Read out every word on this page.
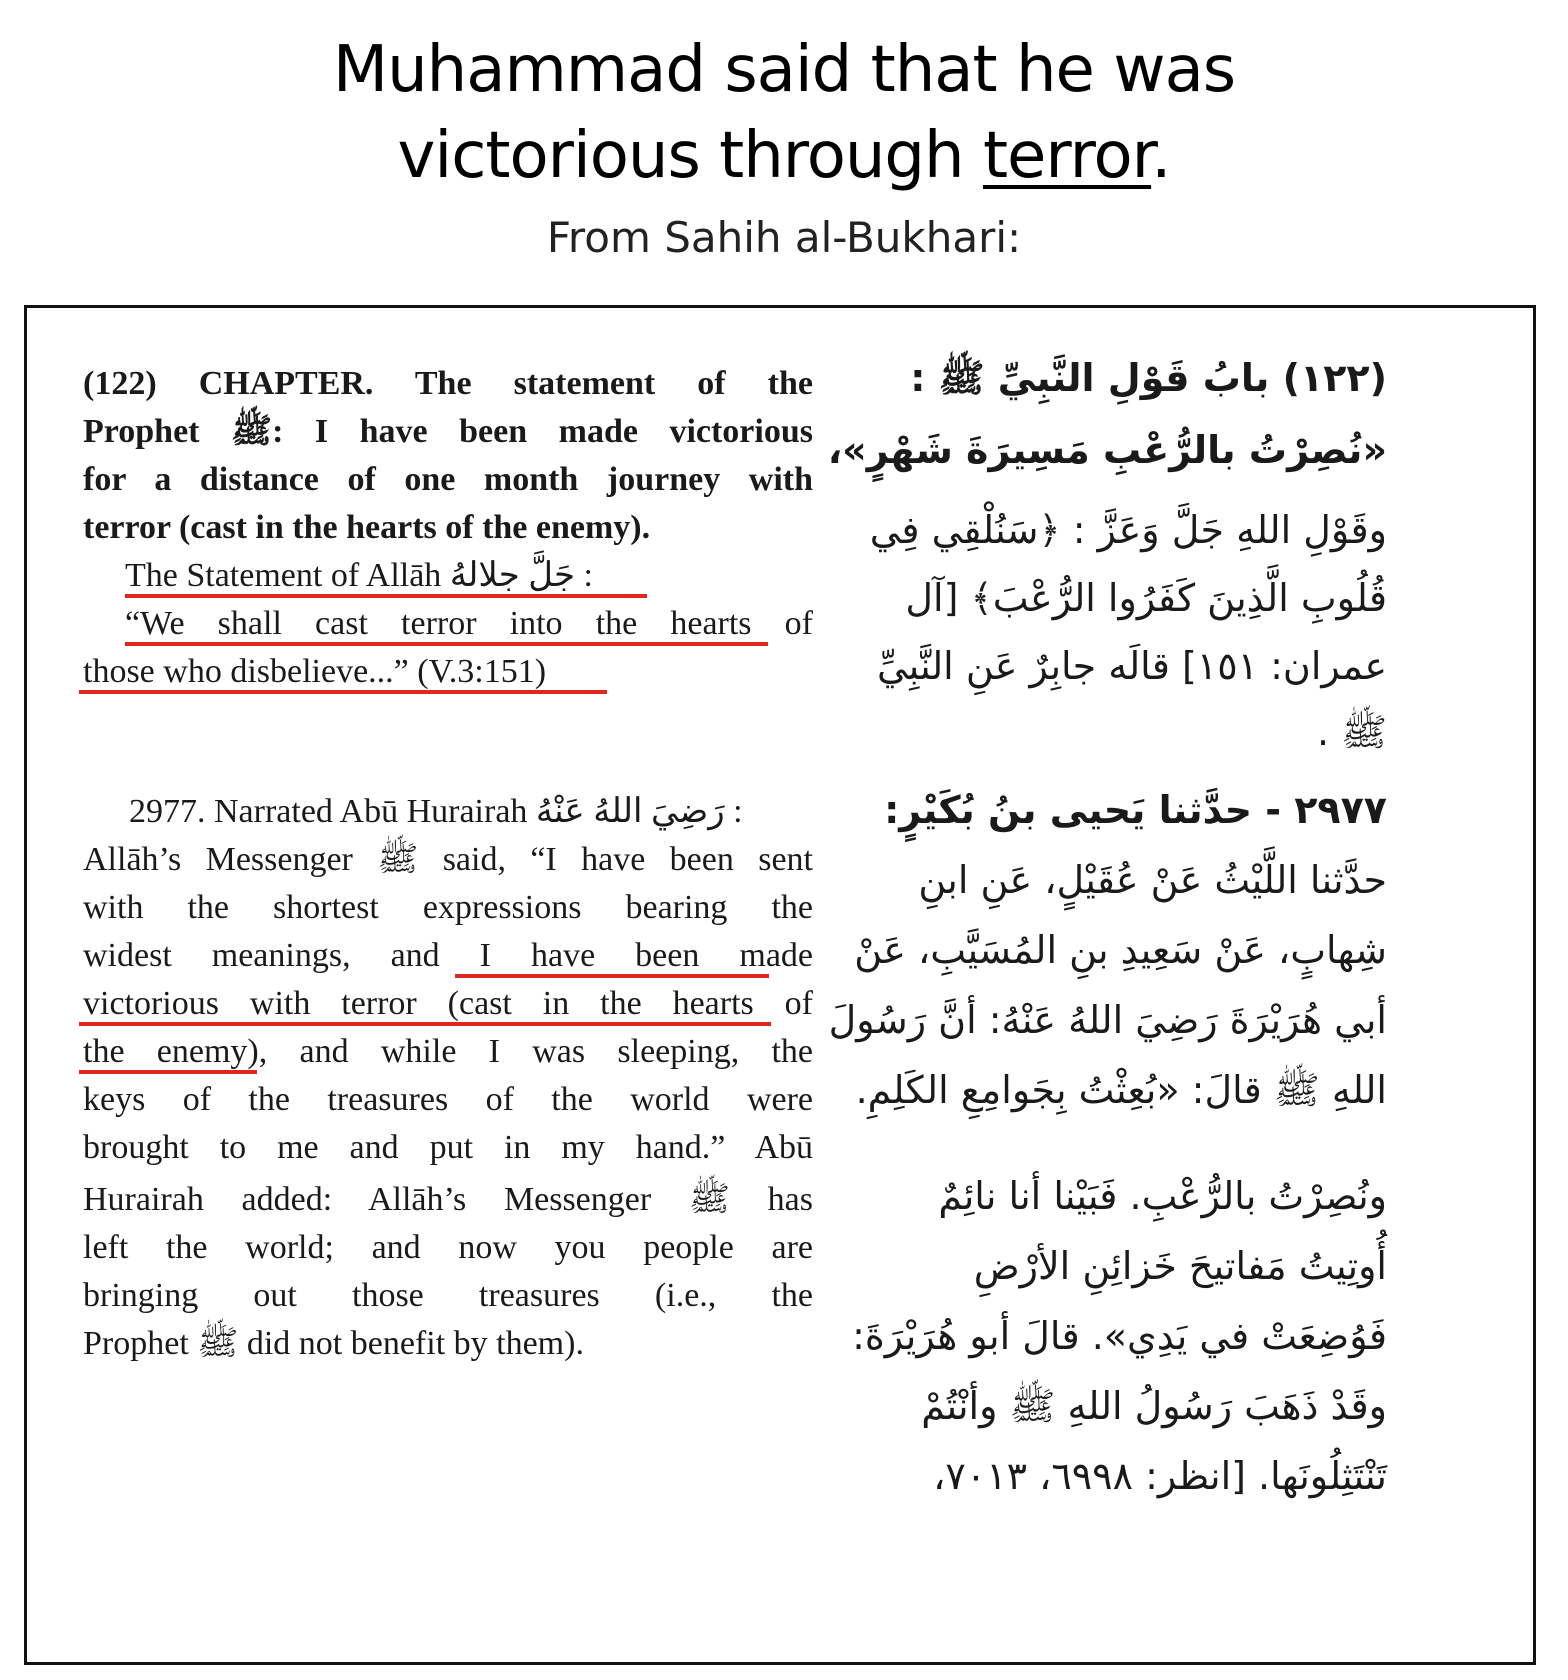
Muhammad said that he was
victorious through terror.
From Sahih al-Bukhari:
(122) CHAPTER. The statement of the
Prophet ﷺ: I have been made victorious
for a distance of one month journey with
terror (cast in the hearts of the enemy).
The Statement of Allāh جَلَّ جلالهُ :
“We shall cast terror into the hearts of
those who disbelieve...” (V.3:151)
2977. Narrated Abū Hurairah رَضِيَ اللهُ عَنْهُ :
Allāh’s Messenger ﷺ said, “I have been sent
with the shortest expressions bearing the
widest meanings, and I have been made
victorious with terror (cast in the hearts of
the enemy), and while I was sleeping, the
keys of the treasures of the world were
brought to me and put in my hand.” Abū
Hurairah added: Allāh’s Messenger ﷺ has
left the world; and now you people are
bringing out those treasures (i.e., the
Prophet ﷺ did not benefit by them).
(١٢٢) بابُ قَوْلِ النَّبِيِّ ﷺ :
«نُصِرْتُ بالرُّعْبِ مَسِيرَةَ شَهْرٍ»،
وقَوْلِ اللهِ جَلَّ وَعَزَّ : ﴿سَنُلْقِي فِي
قُلُوبِ الَّذِينَ كَفَرُوا الرُّعْبَ﴾ [آل
عمران: ١٥١] قالَه جابِرٌ عَنِ النَّبِيِّ
ﷺ .
٢٩٧٧ - حدَّثنا يَحيى بنُ بُكَيْرٍ:
حدَّثنا اللَّيْثُ عَنْ عُقَيْلٍ، عَنِ ابنِ
شِهابٍ، عَنْ سَعِيدِ بنِ المُسَيَّبِ، عَنْ
أبي هُرَيْرَةَ رَضِيَ اللهُ عَنْهُ: أنَّ رَسُولَ
اللهِ ﷺ قالَ: «بُعِثْتُ بِجَوامِعِ الكَلِمِ.
ونُصِرْتُ بالرُّعْبِ. فَبَيْنا أنا نائِمٌ
أُوتِيتُ مَفاتيحَ خَزائِنِ الأرْضِ
فَوُضِعَتْ في يَدِي». قالَ أبو هُرَيْرَةَ:
وقَدْ ذَهَبَ رَسُولُ اللهِ ﷺ وأنْتُمْ
تَنْتَثِلُونَها. [انظر: ٦٩٩٨، ٧٠١٣،
